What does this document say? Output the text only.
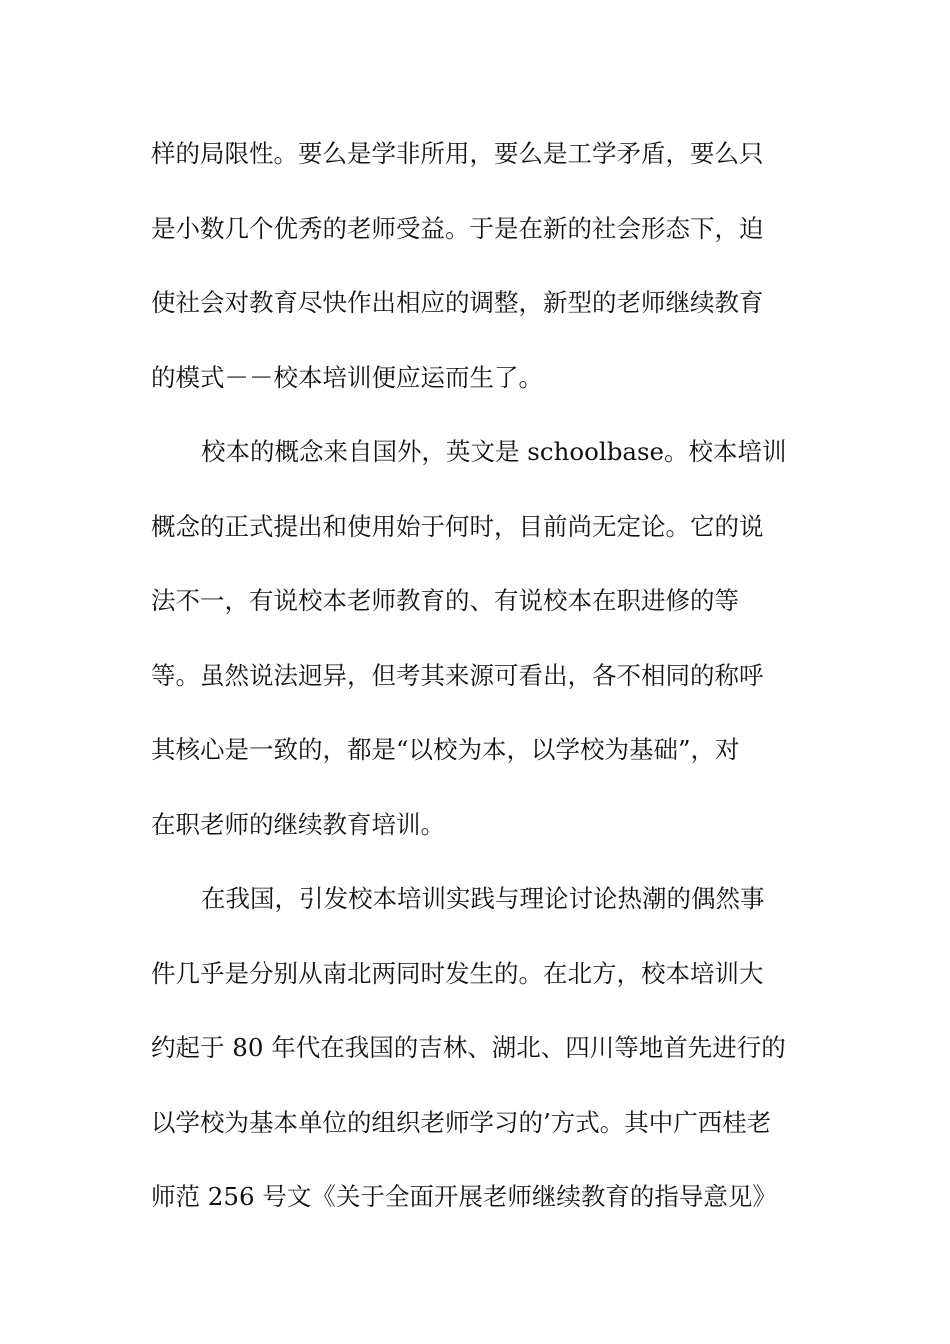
样的局限性。要么是学非所用，要么是工学矛盾，要么只
是小数几个优秀的老师受益。于是在新的社会形态下，迫
使社会对教育尽快作出相应的调整，新型的老师继续教育
的模式－－校本培训便应运而生了。
校本的概念来自国外，英文是 schoolbase。校本培训
概念的正式提出和使用始于何时，目前尚无定论。它的说
法不一，有说校本老师教育的、有说校本在职进修的等
等。虽然说法迥异，但考其来源可看出，各不相同的称呼
其核心是一致的，都是“以校为本，以学校为基础”，对
在职老师的继续教育培训。
在我国，引发校本培训实践与理论讨论热潮的偶然事
件几乎是分别从南北两同时发生的。在北方，校本培训大
约起于 80 年代在我国的吉林、湖北、四川等地首先进行的
以学校为基本单位的组织老师学习的’方式。其中广西桂老
师范 256 号文《关于全面开展老师继续教育的指导意见》
